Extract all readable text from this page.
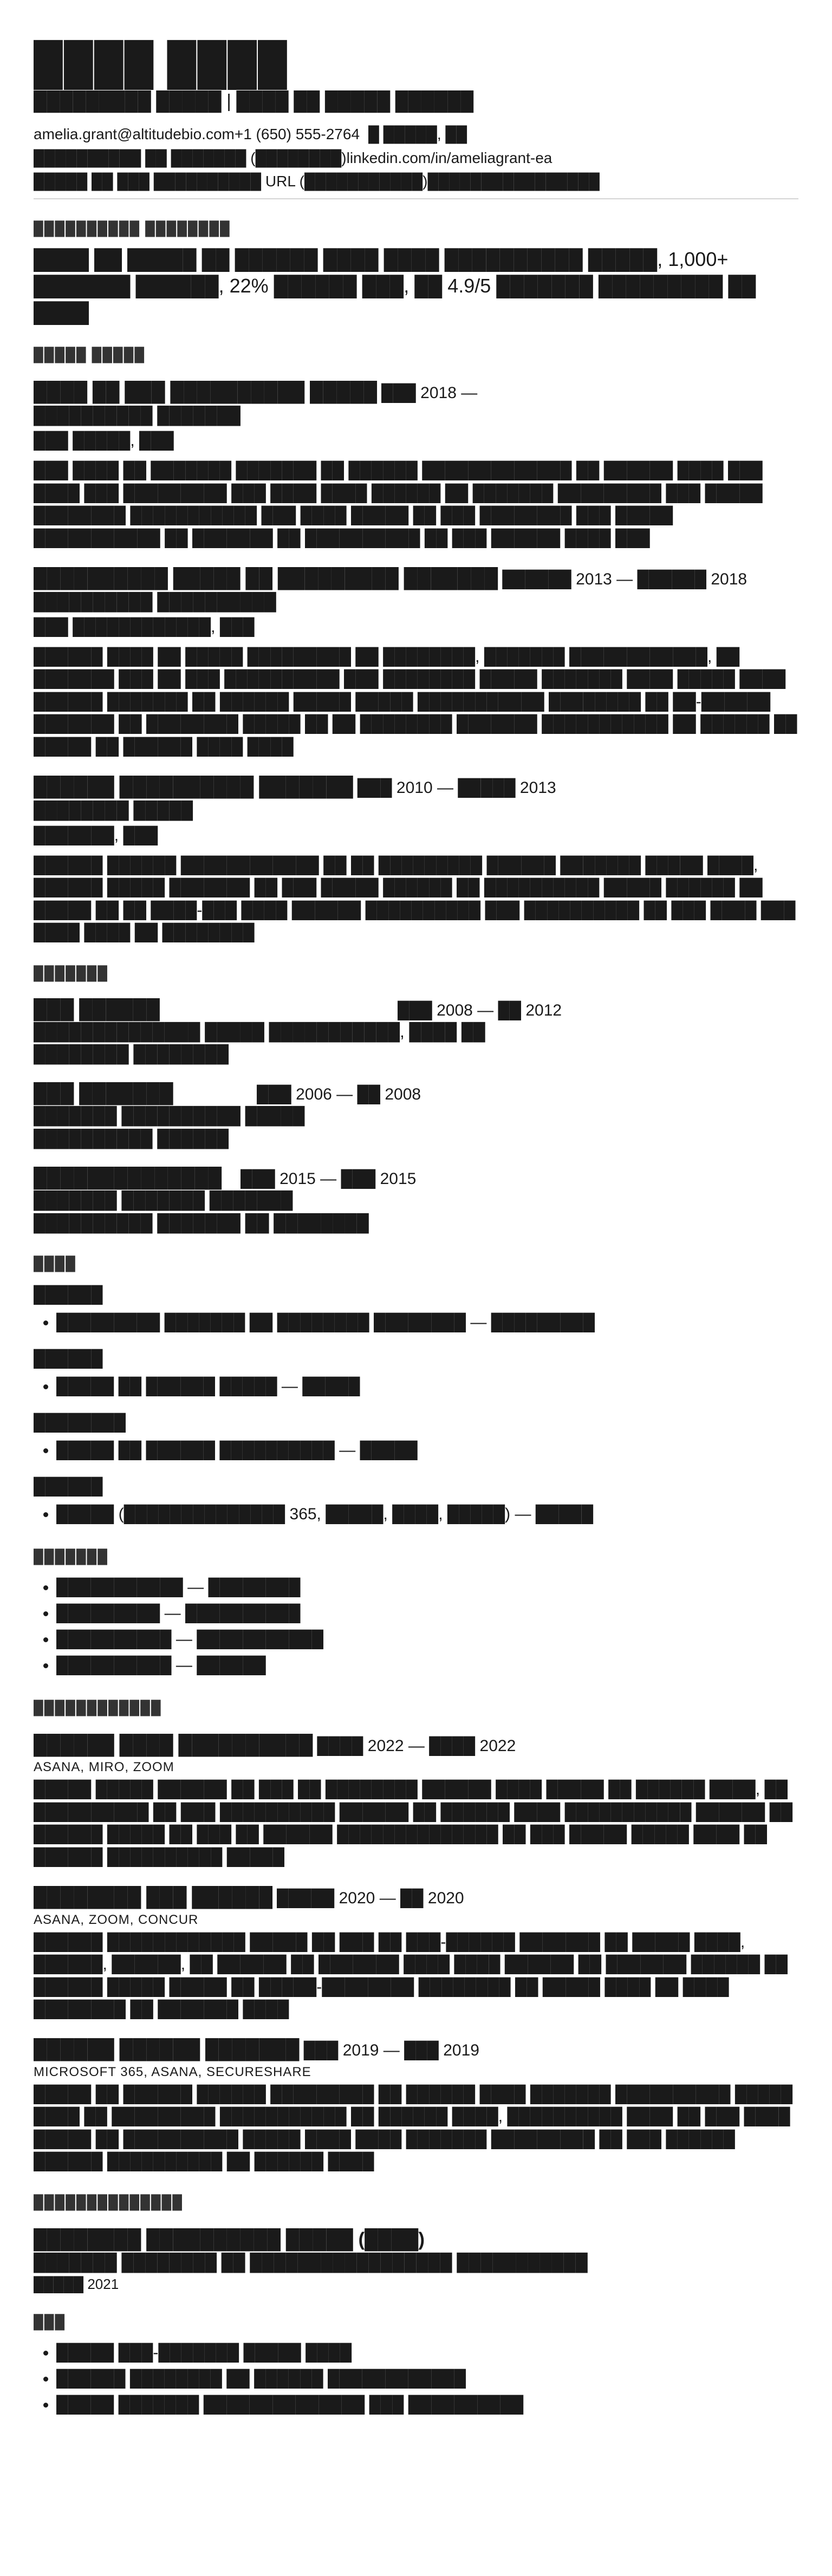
████ ████
█████████ █████ | ████ ██ █████ ██████
amelia.grant@altitudebio.com+1 (650) 555-2764 █ █████, ██
██████████ ██ ███████ (████████)linkedin.com/in/ameliagrant-ea
█████ ██ ███ ██████████ URL (███████████)████████████████
██████████ ████████
████ ██ █████ ██ ██████ ████ ████ ██████████ █████, 1,000+ ███████ ██████, 22% ██████ ███, ██ 4.9/5 ███████ █████████ ██ ████
█████ █████
████ ██ ███ ██████████ █████ ███ 2018 —
██████████ ███████
███ █████, ███
███ ████ ██ ███████ ███████ ██ ██████ █████████████ ██ ██████ ████ ███ ████ ███ █████████ ███ ████ ████ ██████ ██ ███████ █████████ ███ █████ ████████ ███████████ ███ ████ █████ ██ ███ ████████ ███ █████ ███████████ ██ ███████ ██ ██████████ ██ ███ ██████ ████ ███
██████████ █████ ██ █████████ ███████ ██████ 2013 — ██████ 2018
██████████ ██████████
███ ████████████, ███
██████ ████ ██ █████ █████████ ██ ████████, ███████ ████████████, ██ ███████ ███ ██ ███ ██████████ ███ ████████ █████ ███████ ████ █████ ████ ██████ ███████ ██ ██████ █████ █████ ███████████ ████████ ██ ██-██████ ███████ ██ ████████ █████ ██ ██ ████████ ███████ ███████████ ██ ██████ ██ █████ ██ ██████ ████ ████
██████ ██████████ ███████ ███ 2010 — █████ 2013
████████ █████
███████, ███
██████ ██████ ████████████ ██ ██ █████████ ██████ ███████ █████ ████, ██████ █████ ███████ ██ ███ █████ ██████ ██ ██████████ █████ ██████ ██ █████ ██ ██ ████-███ ████ ██████ ██████████ ███ ██████████ ██ ███ ████ ███ ████ ████ ██ ████████
███████
███ ██████	███ 2008 — ██ 2012
██████████████ █████ ███████████, ████ ██
████████ ████████
███ ███████	███ 2006 — ██ 2008
███████ ██████████ █████
██████████ ██████
██████████████	███ 2015 — ███ 2015
███████ ███████ ███████
██████████ ███████ ██ ████████
████
██████
• █████████ ███████ ██ ████████ ████████ — █████████
██████
• █████ ██ ██████ █████ — █████
████████
• █████ ██ ██████ ██████████ — █████
██████
• █████ (██████████████ 365, █████, ████, █████) — █████
███████
• ███████████ — ████████
• █████████ — ██████████
• ██████████ — ███████████
• ██████████ — ██████
████████████
██████ ████ ██████████ ████ 2022 — ████ 2022
ASANA, MIRO, ZOOM
█████ █████ ██████ ██ ███ ██ ████████ ██████ ████ █████ ██ ██████ ████, ██ ██████████ ██ ███ ██████████ ██████ ██ ██████ ████ ███████████ ██████ ██ ██████ █████ ██ ███ ██ ██████ ██████████████ ██ ███ █████ █████ ████ ██ ██████ ██████████ █████
████████ ███ ██████ █████ 2020 — ██ 2020
ASANA, ZOOM, CONCUR
██████ ████████████ █████ ██ ███ ██ ███-██████ ███████ ██ █████ ████, ██████, ██████, ██ ██████ ██ ███████ ████ ████ ██████ ██ ███████ ██████ ██ ██████ █████ █████ ██ █████-████████ ████████ ██ █████ ████ ██ ████ ████████ ██ ███████ ████
██████ ██████ ███████ ███ 2019 — ███ 2019
MICROSOFT 365, ASANA, SECURESHARE
█████ ██ ██████ ██████ █████████ ██ ██████ ████ ███████ ██████████ █████ ████ ██ █████████ ███████████ ██ ██████ ████, ██████████ ████ ██ ███ ████ █████ ██ ██████████ █████ ████ ████ ███████ █████████ ██ ███ ██████ ██████ ██████████ ██ ██████ ████
██████████████
████████ ██████████ █████ (████)
███████ ████████ ██ █████████████████ ███████████
█████ 2021
███
• █████ ███-███████ █████ ████
• ██████ ████████ ██ ██████ ████████████
• █████ ███████ ██████████████ ███ ██████████
